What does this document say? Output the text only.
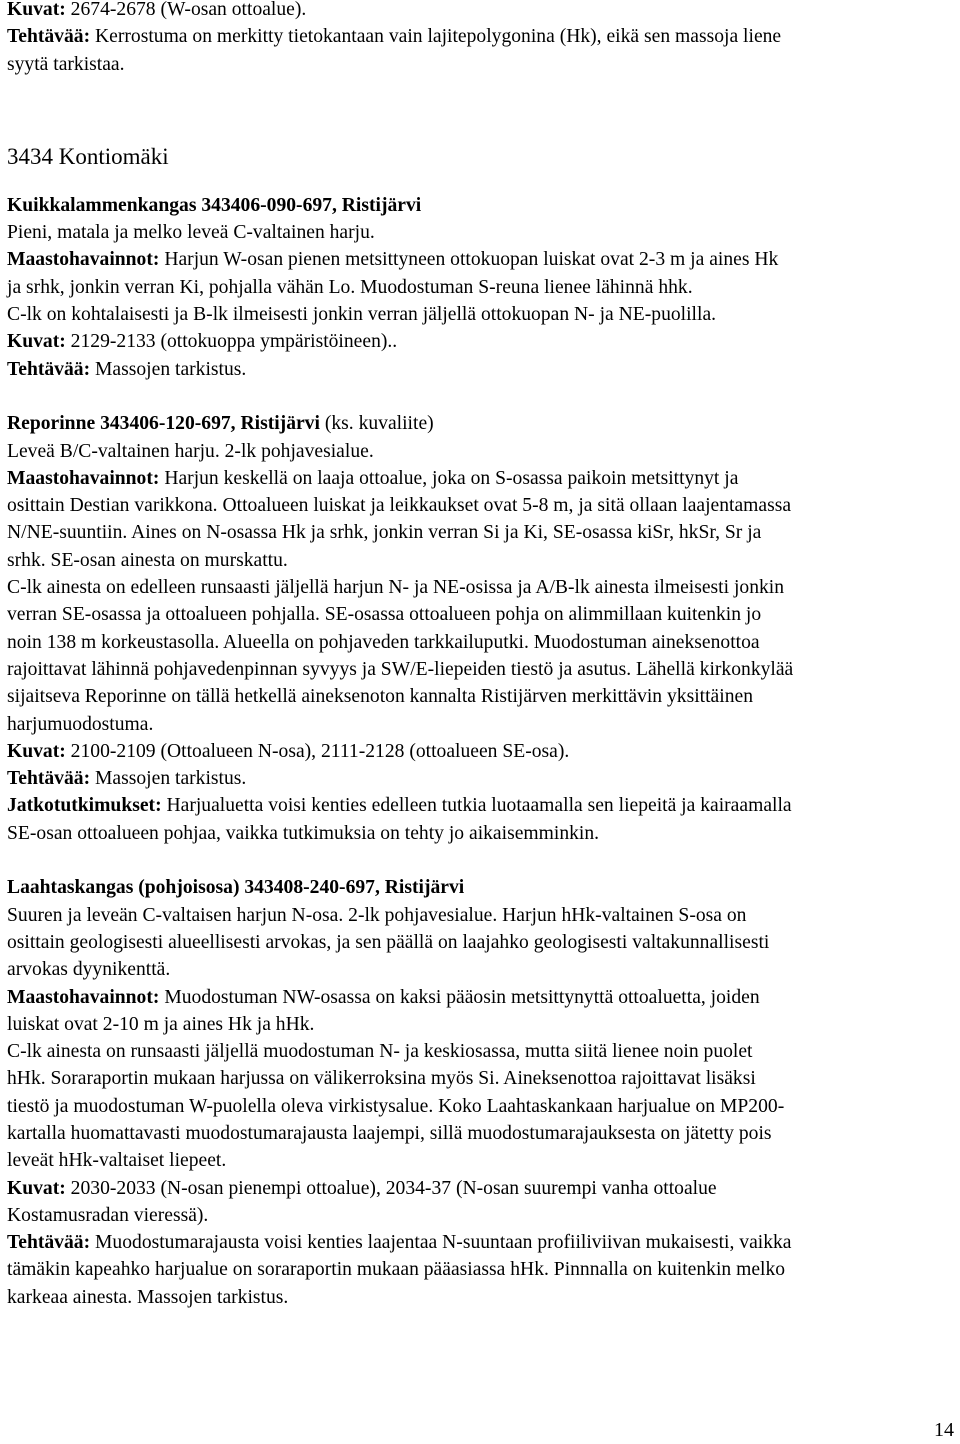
Kuvat: 2674-2678 (W-osan ottoalue).
Tehtävää: Kerrostuma on merkitty tietokantaan vain lajitepolygonina (Hk), eikä sen massoja liene
syytä tarkistaa.
3434 Kontiomäki
Kuikkalammenkangas 343406-090-697, Ristijärvi
Pieni, matala ja melko leveä C-valtainen harju.
Maastohavainnot: Harjun W-osan pienen metsittyneen ottokuopan luiskat ovat 2-3 m ja aines Hk
ja srhk, jonkin verran Ki, pohjalla vähän Lo. Muodostuman S-reuna lienee lähinnä hhk.
C-lk on kohtalaisesti ja B-lk ilmeisesti jonkin verran jäljellä ottokuopan N- ja NE-puolilla.
Kuvat: 2129-2133 (ottokuoppa ympäristöineen)..
Tehtävää: Massojen tarkistus.
Reporinne 343406-120-697, Ristijärvi (ks. kuvaliite)
Leveä B/C-valtainen harju. 2-lk pohjavesialue.
Maastohavainnot: Harjun keskellä on laaja ottoalue, joka on S-osassa paikoin metsittynyt ja
osittain Destian varikkona. Ottoalueen luiskat ja leikkaukset ovat 5-8 m, ja sitä ollaan laajentamassa
N/NE-suuntiin. Aines on N-osassa Hk ja srhk, jonkin verran Si ja Ki, SE-osassa kiSr, hkSr, Sr ja
srhk. SE-osan ainesta on murskattu.
C-lk ainesta on edelleen runsaasti jäljellä harjun N- ja NE-osissa ja A/B-lk ainesta ilmeisesti jonkin
verran SE-osassa ja ottoalueen pohjalla. SE-osassa ottoalueen pohja on alimmillaan kuitenkin jo
noin 138 m korkeustasolla. Alueella on pohjaveden tarkkailuputki. Muodostuman aineksenottoa
rajoittavat lähinnä pohjavedenpinnan syvyys ja SW/E-liepeiden tiestö ja asutus. Lähellä kirkonkylää
sijaitseva Reporinne on tällä hetkellä aineksenoton kannalta Ristijärven merkittävin yksittäinen
harjumuodostuma.
Kuvat: 2100-2109 (Ottoalueen N-osa), 2111-2128 (ottoalueen SE-osa).
Tehtävää: Massojen tarkistus.
Jatkotutkimukset: Harjualuetta voisi kenties edelleen tutkia luotaamalla sen liepeitä ja kairaamalla
SE-osan ottoalueen pohjaa, vaikka tutkimuksia on tehty jo aikaisemminkin.
Laahtaskangas (pohjoisosa) 343408-240-697, Ristijärvi
Suuren ja leveän C-valtaisen harjun N-osa. 2-lk pohjavesialue. Harjun hHk-valtainen S-osa on
osittain geologisesti alueellisesti arvokas, ja sen päällä on laajahko geologisesti valtakunnallisesti
arvokas dyynikenttä.
Maastohavainnot: Muodostuman NW-osassa on kaksi pääosin metsittynyttä ottoaluetta, joiden
luiskat ovat 2-10 m ja aines Hk ja hHk.
C-lk ainesta on runsaasti jäljellä muodostuman N- ja keskiosassa, mutta siitä lienee noin puolet
hHk. Soraraportin mukaan harjussa on välikerroksina myös Si. Aineksenottoa rajoittavat lisäksi
tiestö ja muodostuman W-puolella oleva virkistysalue. Koko Laahtaskankaan harjualue on MP200-
kartalla huomattavasti muodostumarajausta laajempi, sillä muodostumarajauksesta on jätetty pois
leveät hHk-valtaiset liepeet.
Kuvat: 2030-2033 (N-osan pienempi ottoalue), 2034-37 (N-osan suurempi vanha ottoalue
Kostamusradan vieressä).
Tehtävää: Muodostumarajausta voisi kenties laajentaa N-suuntaan profiiliviivan mukaisesti, vaikka
tämäkin kapeahko harjualue on soraraportin mukaan pääasiassa hHk. Pinnnalla on kuitenkin melko
karkeaa ainesta. Massojen tarkistus.
14
